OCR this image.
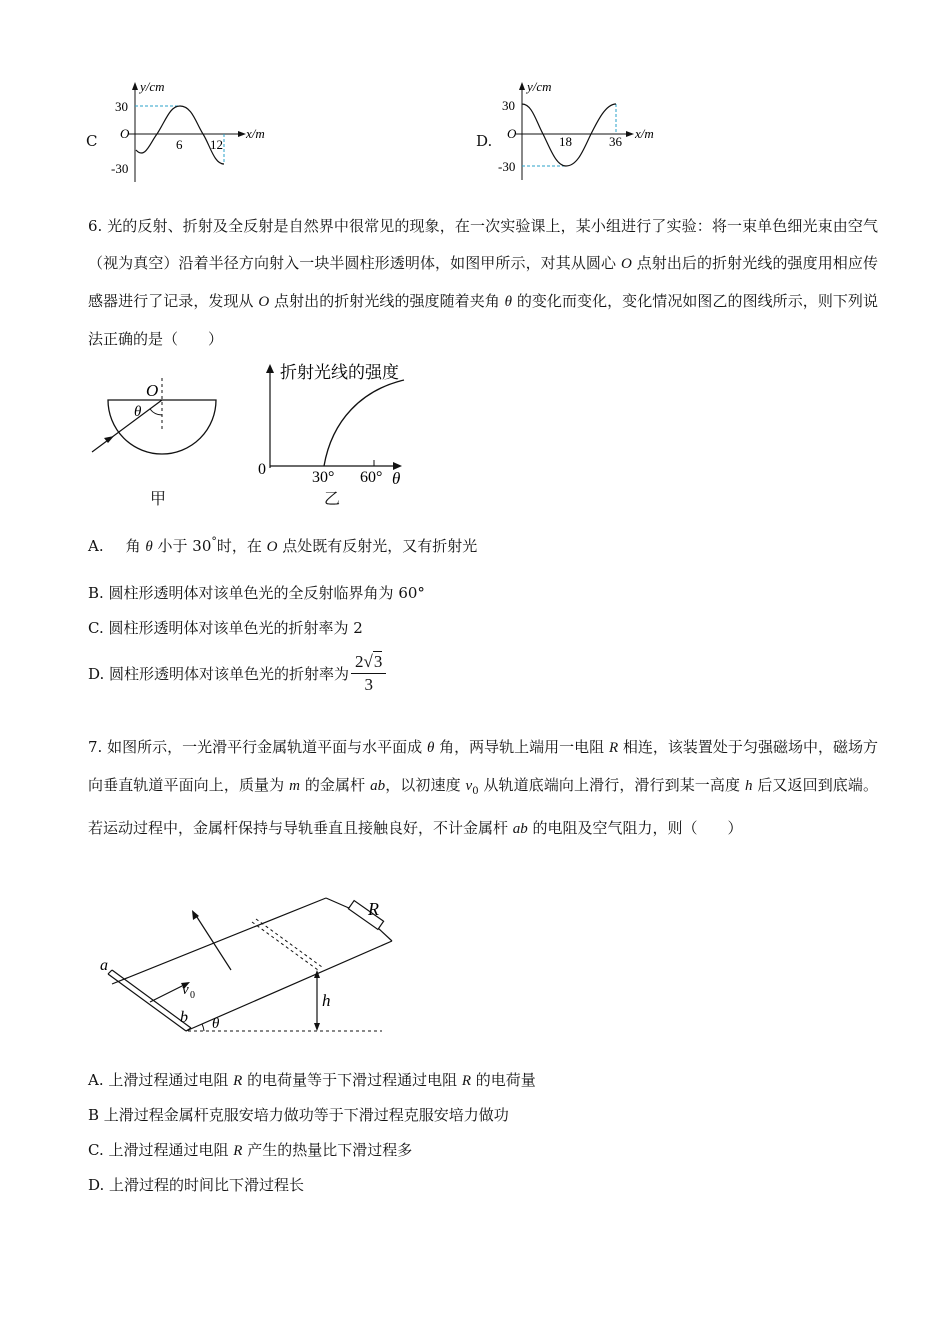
C
y/cm
x/m
30
-30
O
6 12	D.
y/cm
x/m
30
-30
O
18	36
6. 光的反射、折射及全反射是自然界中很常见的现象，在一次实验课上，某小组进行了实验：将一束单色细光束由空气（视为真空）沿着半径方向射入一块半圆柱形透明体，如图甲所示，对其从圆心 O 点射出后的折射光线的强度用相应传感器进行了记录，发现从 O 点射出的折射光线的强度随着夹角 θ 的变化而变化，变化情况如图乙的图线所示，则下列说法正确的是（　　）
O
θ
甲
折射光线的强度
0	30° 60° θ
乙
A. 角 θ 小于 30°时，在 O 点处既有反射光，又有折射光
B. 圆柱形透明体对该单色光的全反射临界角为 60°
C. 圆柱形透明体对该单色光的折射率为 2
D. 圆柱形透明体对该单色光的折射率为 $\frac{2√3}{3}$
7. 如图所示，一光滑平行金属轨道平面与水平面成 θ 角，两导轨上端用一电阻 R 相连，该装置处于匀强磁场中，磁场方向垂直轨道平面向上，质量为 m 的金属杆 ab，以初速度 $v_0$ 从轨道底端向上滑行，滑行到某一高度 h 后又返回到底端。若运动过程中，金属杆保持与导轨垂直且接触良好，不计金属杆 ab 的电阻及空气阻力，则（　　）
R
a
b
v 0	h
θ
A. 上滑过程通过电阻 R 的电荷量等于下滑过程通过电阻 R 的电荷量
B 上滑过程金属杆克服安培力做功等于下滑过程克服安培力做功
C. 上滑过程通过电阻 R 产生的热量比下滑过程多
D. 上滑过程的时间比下滑过程长
